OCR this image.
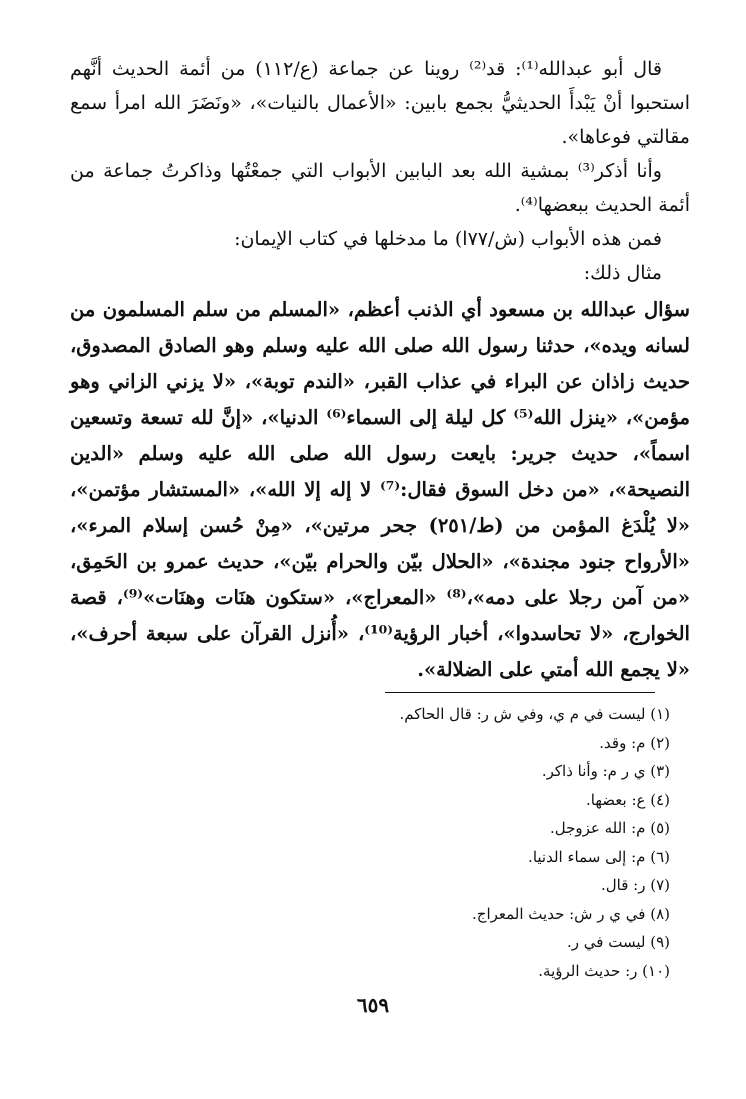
قال أبو عبدالله⁽¹⁾: قد⁽²⁾ روينا عن جماعة (ع/١١٢) من أئمة الحديث أنَّهم استحبوا أنْ يَبْدأَ الحديثيُّ بجمع بابين: «الأعمال بالنيات»، «ونَضَرَ الله امرأ سمع مقالتي فوعاها».

وأنا أذكر⁽³⁾ بمشية الله بعد البابين الأبواب التي جمعْتُها وذاكرتُ جماعة من أئمة الحديث ببعضها⁽⁴⁾.

فمن هذه الأبواب (ش/٧٧ا) ما مدخلها في كتاب الإيمان:

مثال ذلك:

سؤال عبدالله بن مسعود أي الذنب أعظم، «المسلم من سلم المسلمون من لسانه ويده»، حدثنا رسول الله صلى الله عليه وسلم وهو الصادق المصدوق، حديث زاذان عن البراء في عذاب القبر، «الندم توبة»، «لا يزني الزاني وهو مؤمن»، «ينزل الله⁽⁵⁾ كل ليلة إلى السماء⁽⁶⁾ الدنيا»، «إنَّ لله تسعة وتسعين اسماً»، حديث جرير: بايعت رسول الله صلى الله عليه وسلم «الدين النصيحة»، «من دخل السوق فقال:⁽⁷⁾ لا إله إلا الله»، «المستشار مؤتمن»، «لا يُلْدَغ المؤمن من (ط/٢٥١) جحر مرتين»، «مِنْ حُسن إسلام المرء»، «الأرواح جنود مجندة»، «الحلال بيّن والحرام بيّن»، حديث عمرو بن الحَمِق، «من آمن رجلا على دمه»،⁽⁸⁾ «المعراج»، «ستكون هنَات وهنَات»⁽⁹⁾، قصة الخوارج، «لا تحاسدوا»، أخبار الرؤية⁽¹⁰⁾، «أُنزل القرآن على سبعة أحرف»، «لا يجمع الله أمتي على الضلالة».

(١) ليست في م ي، وفي ش ر: قال الحاكم.
(٢) م: وقد.
(٣) ي ر م: وأنا ذاكر.
(٤) ع: بعضها.
(٥) م: الله عزوجل.
(٦) م: إلى سماء الدنيا.
(٧) ر: قال.
(٨) في ي ر ش: حديث المعراج.
(٩) ليست في ر.
(١٠) ر: حديث الرؤية.
٦٥٩
